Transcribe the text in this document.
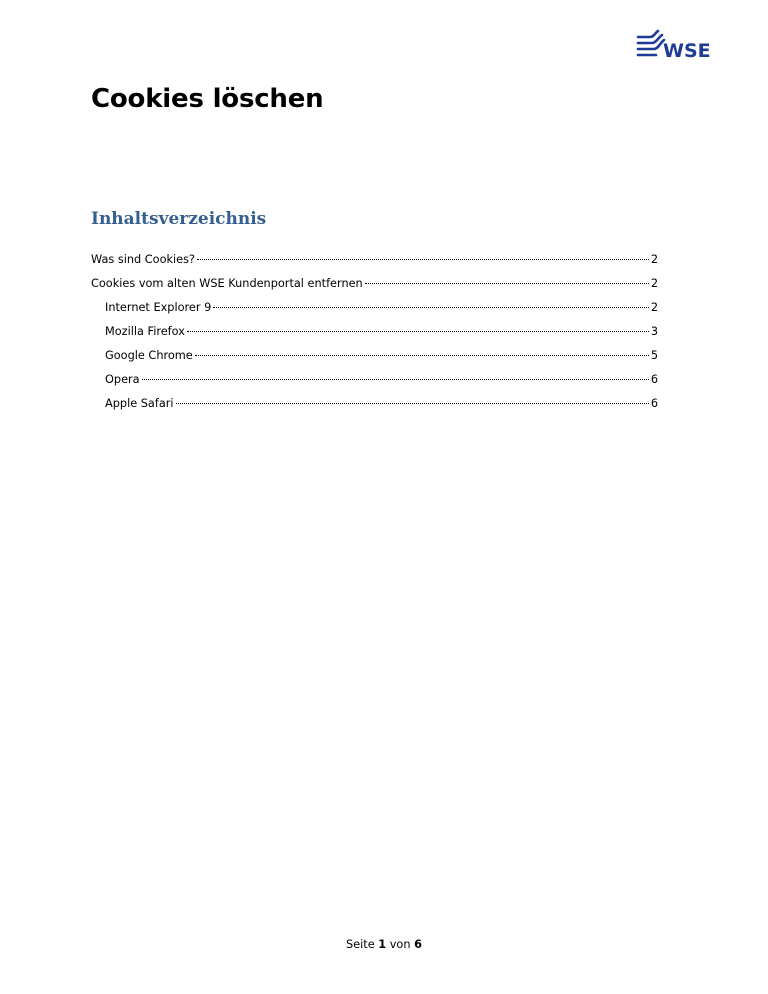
WSE
Cookies löschen
Inhaltsverzeichnis
Was sind Cookies?	2
Cookies vom alten WSE Kundenportal entfernen	2
Internet Explorer 9	2
Mozilla Firefox	3
Google Chrome	5
Opera	6
Apple Safari	6
Seite 1 von 6
